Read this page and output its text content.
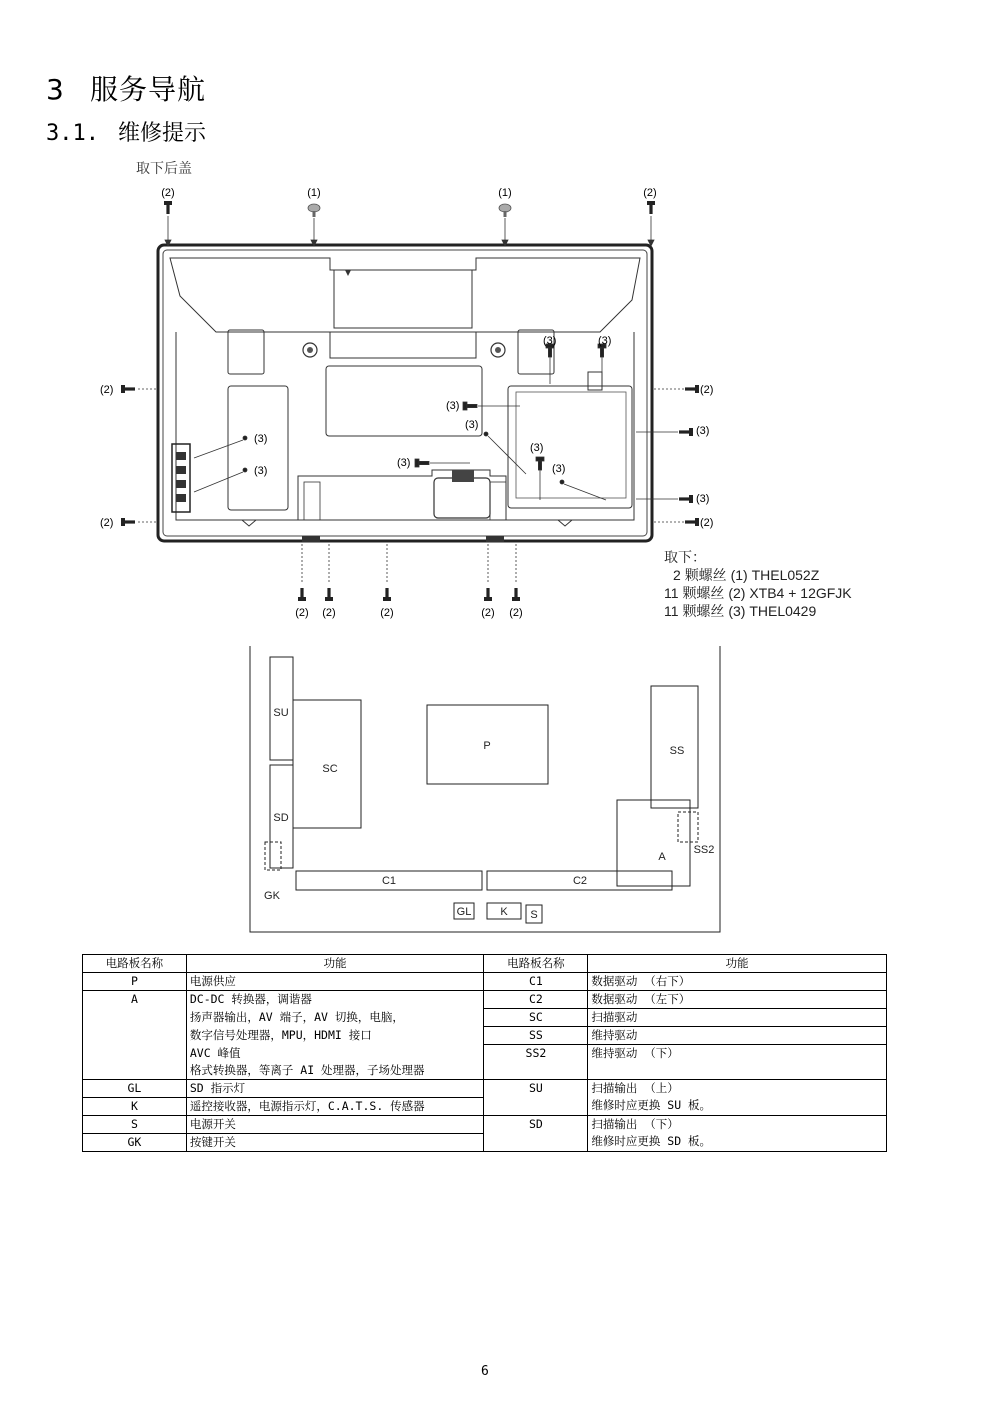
3 服务导航
3.1. 维修提示
取下后盖
(2)	(1)	(1)	(2)
(2)
(2)
(2)
(2)
(3)
(3)
(3)	(3)
(3)
(3)
(3)
(3)
(3)
(3)
(3)
(2) (2)	(2)	(2) (2)
取下：
2 颗螺丝 (1) THEL052Z
11 颗螺丝 (2) XTB4 + 12GFJK
11 颗螺丝 (3) THEL0429
SU
SC
SD
GK
P	SS
SS2
A
C1	C2
GL	K S
电路板名称	功能	电路板名称	功能
P	电源供应	C1	数据驱动 （右下）
A	DC-DC 转换器，调谐器	C2	数据驱动 （左下）
	扬声器输出，AV 端子，AV 切换，电脑，	SC	扫描驱动
	数字信号处理器，MPU，HDMI 接口	SS	维持驱动
	AVC 峰值	SS2	维持驱动 （下）
	格式转换器，等离子 AI 处理器，子场处理器		
GL	SD 指示灯	SU	扫描输出 （上）
K	遥控接收器，电源指示灯，C.A.T.S. 传感器		维修时应更换 SU 板。
S	电源开关	SD	扫描输出 （下）
GK	按键开关		维修时应更换 SD 板。
6
